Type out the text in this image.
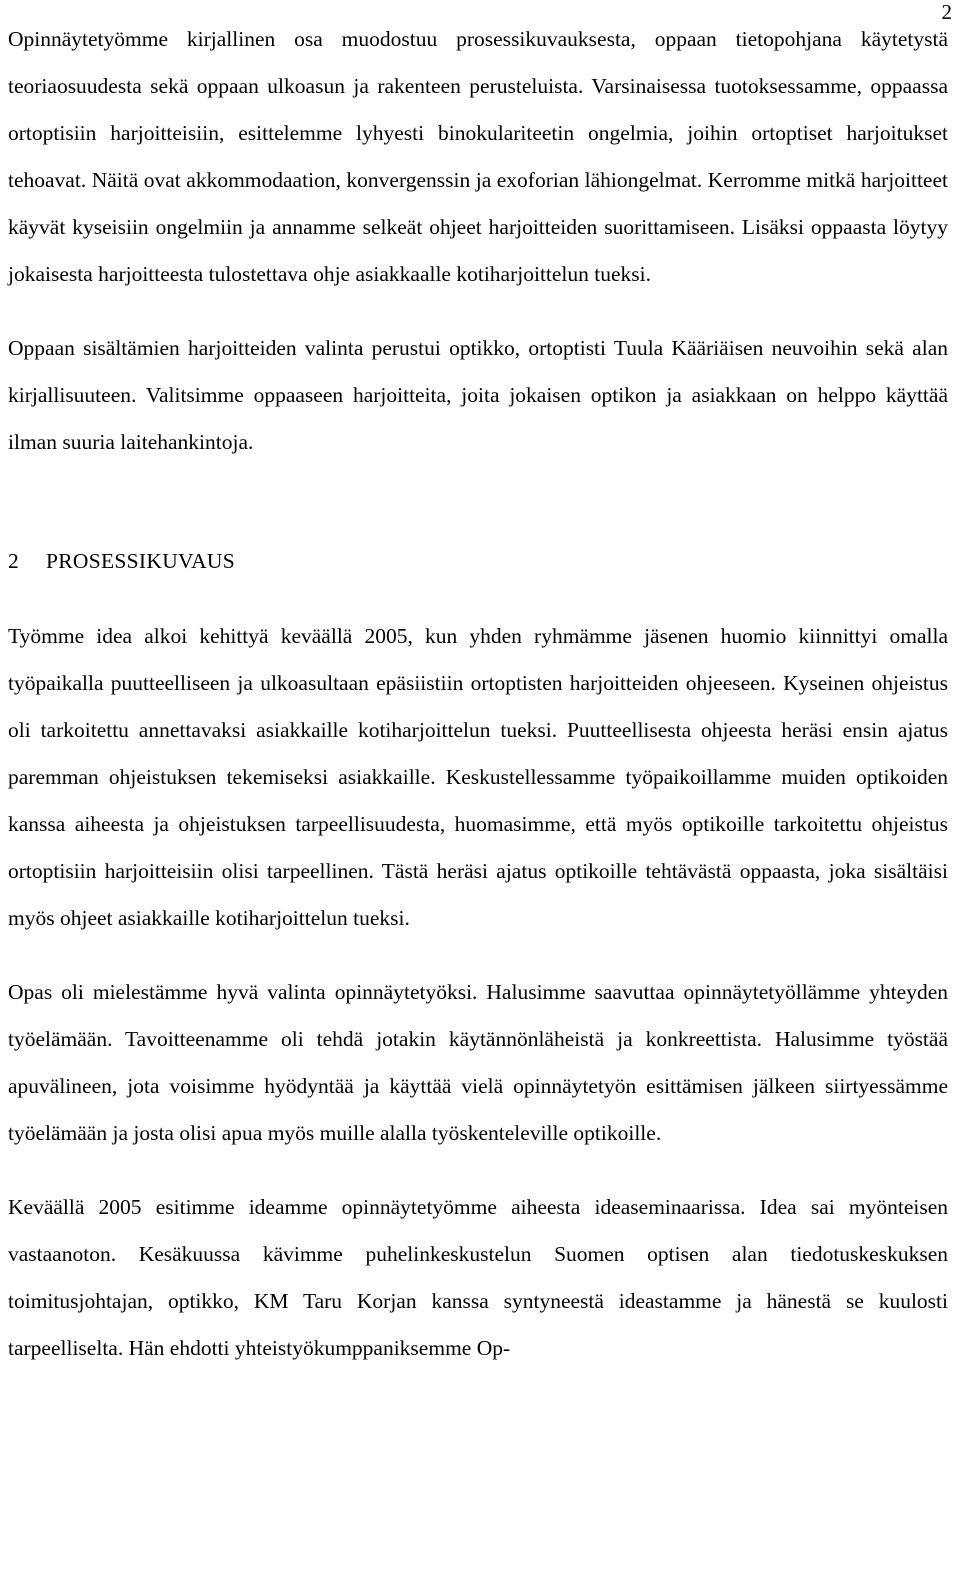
2

Opinnäytetyömme kirjallinen osa muodostuu prosessikuvauksesta, oppaan tietopohjana käytetystä teoriaosuudesta sekä oppaan ulkoasun ja rakenteen perusteluista. Varsinaisessa tuotoksessamme, oppaassa ortoptisiin harjoitteisiin, esittelemme lyhyesti binokulariteetin ongelmia, joihin ortoptiset harjoitukset tehoavat. Näitä ovat akkommodaation, konvergenssin ja exoforian lähiongelmat. Kerromme mitkä harjoitteet käyvät kyseisiin ongelmiin ja annamme selkeät ohjeet harjoitteiden suorittamiseen. Lisäksi oppaasta löytyy jokaisesta harjoitteesta tulostettava ohje asiakkaalle kotiharjoittelun tueksi.

Oppaan sisältämien harjoitteiden valinta perustui optikko, ortoptisti Tuula Kääriäisen neuvoihin sekä alan kirjallisuuteen. Valitsimme oppaaseen harjoitteita, joita jokaisen optikon ja asiakkaan on helppo käyttää ilman suuria laitehankintoja.

2 PROSESSIKUVAUS

Työmme idea alkoi kehittyä keväällä 2005, kun yhden ryhmämme jäsenen huomio kiinnittyi omalla työpaikalla puutteelliseen ja ulkoasultaan epäsiistiin ortoptisten harjoitteiden ohjeeseen. Kyseinen ohjeistus oli tarkoitettu annettavaksi asiakkaille kotiharjoittelun tueksi. Puutteellisesta ohjeesta heräsi ensin ajatus paremman ohjeistuksen tekemiseksi asiakkaille. Keskustellessamme työpaikoillamme muiden optikoiden kanssa aiheesta ja ohjeistuksen tarpeellisuudesta, huomasimme, että myös optikoille tarkoitettu ohjeistus ortoptisiin harjoitteisiin olisi tarpeellinen. Tästä heräsi ajatus optikoille tehtävästä oppaasta, joka sisältäisi myös ohjeet asiakkaille kotiharjoittelun tueksi.

Opas oli mielestämme hyvä valinta opinnäytetyöksi. Halusimme saavuttaa opinnäytetyöllämme yhteyden työelämään. Tavoitteenamme oli tehdä jotakin käytännönläheistä ja konkreettista. Halusimme työstää apuvälineen, jota voisimme hyödyntää ja käyttää vielä opinnäytetyön esittämisen jälkeen siirtyessämme työelämään ja josta olisi apua myös muille alalla työskenteleville optikoille.

Keväällä 2005 esitimme ideamme opinnäytetyömme aiheesta ideaseminaarissa. Idea sai myönteisen vastaanoton. Kesäkuussa kävimme puhelinkeskustelun Suomen optisen alan tiedotuskeskuksen toimitusjohtajan, optikko, KM Taru Korjan kanssa syntyneestä ideastamme ja hänestä se kuulosti tarpeelliselta. Hän ehdotti yhteistyökumppaniksemme Op-
